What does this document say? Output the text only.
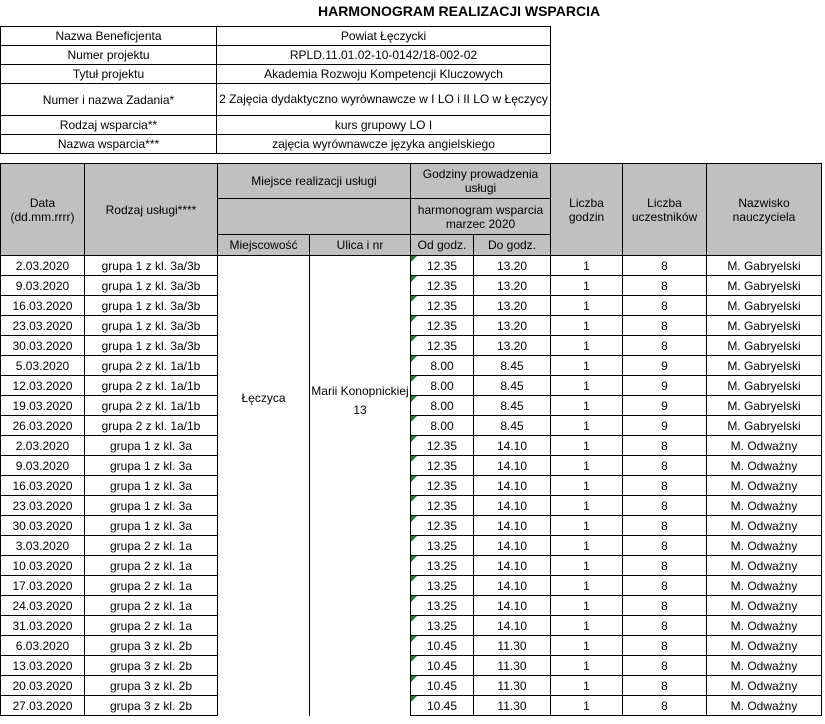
HARMONOGRAM REALIZACJI WSPARCIA
Nazwa Beneficjenta	Powiat Łęczycki
Numer projektu	RPLD.11.01.02-10-0142/18-002-02
Tytuł projektu	Akademia Rozwoju Kompetencji Kluczowych
Numer i nazwa Zadania*	2 Zajęcia dydaktyczno wyrównawcze w I LO i II LO w Łęczycy
Rodzaj wsparcia**	kurs grupowy LO I
Nazwa wsparcia***	zajęcia wyrównawcze języka angielskiego
Data (dd.mm.rrrr)	Rodzaj usługi****	Miejsce realizacji usługi		Godziny prowadzenia usługi		Liczba godzin	Liczba uczestników	Nazwisko nauczyciela
				harmonogram wsparcia marzec 2020				
		Miejscowość	Ulica i nr	Od godz.	Do godz.			
2.03.2020	grupa 1 z kl. 3a/3b	Łęczyca	Marii Konopnickiej 13	12.35	13.20	1	8	M. Gabryelski
9.03.2020	grupa 1 z kl. 3a/3b			12.35	13.20	1	8	M. Gabryelski
16.03.2020	grupa 1 z kl. 3a/3b			12.35	13.20	1	8	M. Gabryelski
23.03.2020	grupa 1 z kl. 3a/3b			12.35	13.20	1	8	M. Gabryelski
30.03.2020	grupa 1 z kl. 3a/3b			12.35	13.20	1	8	M. Gabryelski
5.03.2020	grupa 2 z kl. 1a/1b			8.00	8.45	1	9	M. Gabryelski
12.03.2020	grupa 2 z kl. 1a/1b			8.00	8.45	1	9	M. Gabryelski
19.03.2020	grupa 2 z kl. 1a/1b			8.00	8.45	1	9	M. Gabryelski
26.03.2020	grupa 2 z kl. 1a/1b			8.00	8.45	1	9	M. Gabryelski
2.03.2020	grupa 1 z kl. 3a			12.35	14.10	1	8	M. Odważny
9.03.2020	grupa 1 z kl. 3a			12.35	14.10	1	8	M. Odważny
16.03.2020	grupa 1 z kl. 3a			12.35	14.10	1	8	M. Odważny
23.03.2020	grupa 1 z kl. 3a			12.35	14.10	1	8	M. Odważny
30.03.2020	grupa 1 z kl. 3a			12.35	14.10	1	8	M. Odważny
3.03.2020	grupa 2 z kl. 1a			13.25	14.10	1	8	M. Odważny
10.03.2020	grupa 2 z kl. 1a			13.25	14.10	1	8	M. Odważny
17.03.2020	grupa 2 z kl. 1a			13.25	14.10	1	8	M. Odważny
24.03.2020	grupa 2 z kl. 1a			13.25	14.10	1	8	M. Odważny
31.03.2020	grupa 2 z kl. 1a			13.25	14.10	1	8	M. Odważny
6.03.2020	grupa 3 z kl. 2b			10.45	11.30	1	8	M. Odważny
13.03.2020	grupa 3 z kl. 2b			10.45	11.30	1	8	M. Odważny
20.03.2020	grupa 3 z kl. 2b			10.45	11.30	1	8	M. Odważny
27.03.2020	grupa 3 z kl. 2b			10.45	11.30	1	8	M. Odważny
